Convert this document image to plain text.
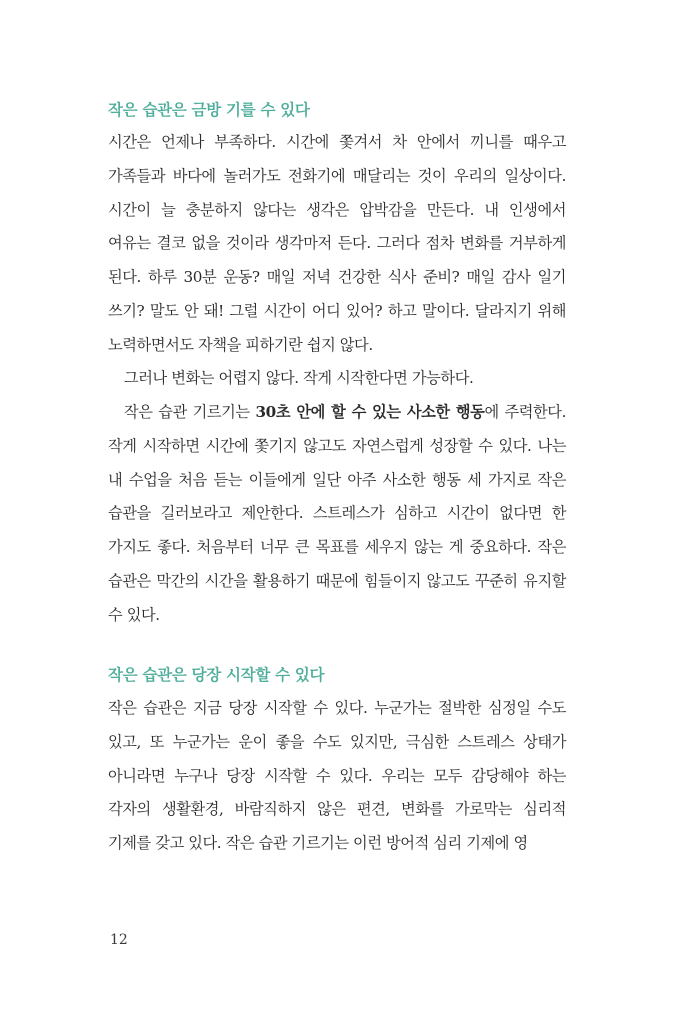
작은 습관은 금방 기를 수 있다

시간은 언제나 부족하다. 시간에 쫓겨서 차 안에서 끼니를 때우고 가족들과 바다에 놀러가도 전화기에 매달리는 것이 우리의 일상이다. 시간이 늘 충분하지 않다는 생각은 압박감을 만든다. 내 인생에서 여유는 결코 없을 것이라 생각마저 든다. 그러다 점차 변화를 거부하게 된다. 하루 30분 운동? 매일 저녁 건강한 식사 준비? 매일 감사 일기 쓰기? 말도 안 돼! 그럴 시간이 어디 있어? 하고 말이다. 달라지기 위해 노력하면서도 자책을 피하기란 쉽지 않다.

그러나 변화는 어렵지 않다. 작게 시작한다면 가능하다.

작은 습관 기르기는 30초 안에 할 수 있는 사소한 행동에 주력한다. 작게 시작하면 시간에 쫓기지 않고도 자연스럽게 성장할 수 있다. 나는 내 수업을 처음 듣는 이들에게 일단 아주 사소한 행동 세 가지로 작은 습관을 길러보라고 제안한다. 스트레스가 심하고 시간이 없다면 한 가지도 좋다. 처음부터 너무 큰 목표를 세우지 않는 게 중요하다. 작은 습관은 막간의 시간을 활용하기 때문에 힘들이지 않고도 꾸준히 유지할 수 있다.

작은 습관은 당장 시작할 수 있다

작은 습관은 지금 당장 시작할 수 있다. 누군가는 절박한 심정일 수도 있고, 또 누군가는 운이 좋을 수도 있지만, 극심한 스트레스 상태가 아니라면 누구나 당장 시작할 수 있다. 우리는 모두 감당해야 하는 각자의 생활환경, 바람직하지 않은 편견, 변화를 가로막는 심리적 기제를 갖고 있다. 작은 습관 기르기는 이런 방어적 심리 기제에 영

12
